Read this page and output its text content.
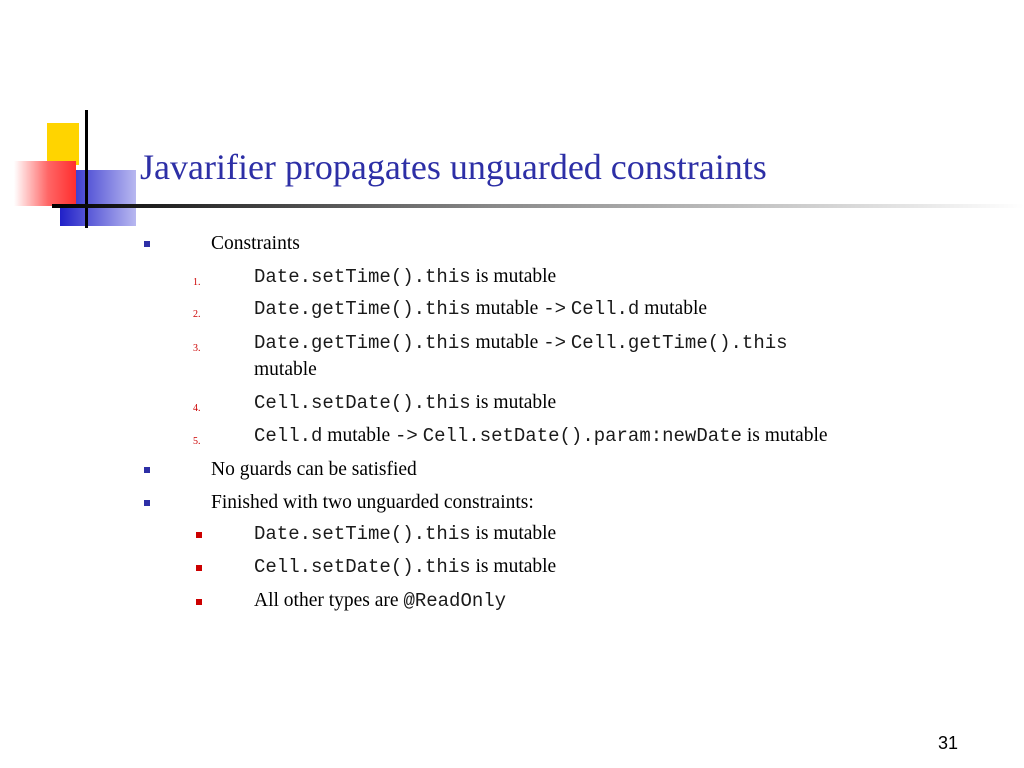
Javarifier propagates unguarded constraints
Constraints
1.	Date.setTime().this is mutable
2.	Date.getTime().this mutable -> Cell.d mutable
3.	Date.getTime().this mutable -> Cell.getTime().this
mutable
4.	Cell.setDate().this is mutable
5.	Cell.d mutable -> Cell.setDate().param:newDate is mutable
No guards can be satisfied
Finished with two unguarded constraints:
Date.setTime().this is mutable
Cell.setDate().this is mutable
All other types are @ReadOnly
31
